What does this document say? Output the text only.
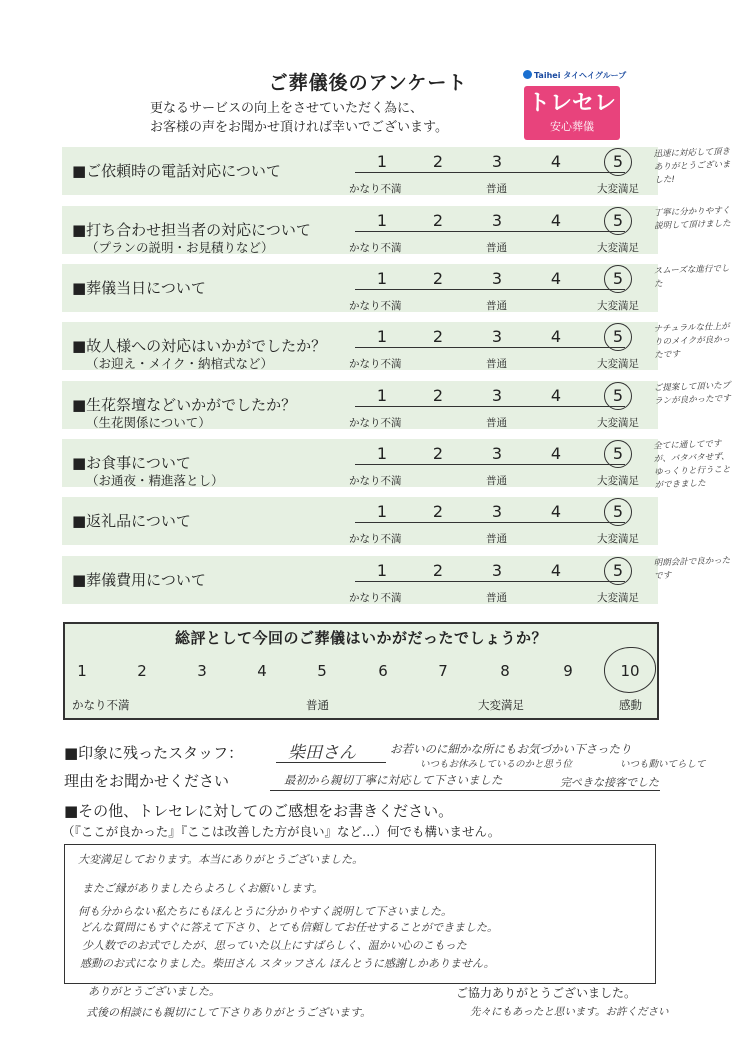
ご葬儀後のアンケート
更なるサービスの向上をさせていただく為に、
お客様の声をお聞かせ頂ければ幸いでございます。
Taihei タイヘイグループ
トレセレ
安心葬儀
■ご依頼時の電話対応について	1	2	3	4	5
かなり不満	普通	大変満足
迅速に対応して頂きありがとうございました!
■打ち合わせ担当者の対応について
（プランの説明・お見積りなど）
1	2	3	4	5
かなり不満	普通	大変満足
丁寧に分かりやすく説明して頂けました
■葬儀当日について	1	2	3	4	5
かなり不満	普通	大変満足
スムーズな進行でした
■故人様への対応はいかがでしたか？
（お迎え・メイク・納棺式など）
1	2	3	4	5
かなり不満	普通	大変満足
ナチュラルな仕上がりのメイクが良かったです
■生花祭壇などいかがでしたか？
（生花関係について）
1	2	3	4	5
かなり不満	普通	大変満足
ご提案して頂いたプランが良かったです
■お食事について
（お通夜・精進落とし）
1	2	3	4	5
かなり不満	普通	大変満足
全てに通してですが、バタバタせず、ゆっくりと行うことができました
■返礼品について	1	2	3	4	5
かなり不満	普通	大変満足
■葬儀費用について	1	2	3	4	5
かなり不満	普通	大変満足
明朗会計で良かったです
総評として今回のご葬儀はいかがだったでしょうか？
1	2	3	4	5	6	7	8	9	10
かなり不満	普通	大変満足	感動
■印象に残ったスタッフ：	柴田さん	お若いのに細かな所にもお気づかい下さったり
いつもお休みしているのかと思う位	いつも動いてらして
理由をお聞かせください	最初から親切丁寧に対応して下さいました	完ぺきな接客でした
■その他、トレセレに対してのご感想をお書きください。
（『ここが良かった』『ここは改善した方が良い』など…）何でも構いません。
大変満足しております。本当にありがとうございました。
またご縁がありましたらよろしくお願いします。
何も分からない私たちにもほんとうに分かりやすく説明して下さいました。
どんな質問にもすぐに答えて下さり、とても信頼してお任せすることができました。
少人数でのお式でしたが、思っていた以上にすばらしく、温かい心のこもった
感動のお式になりました。柴田さん スタッフさん ほんとうに感謝しかありません。
ありがとうございました。
式後の相談にも親切にして下さりありがとうございます。
ご協力ありがとうございました。
先々にもあったと思います。お許ください
